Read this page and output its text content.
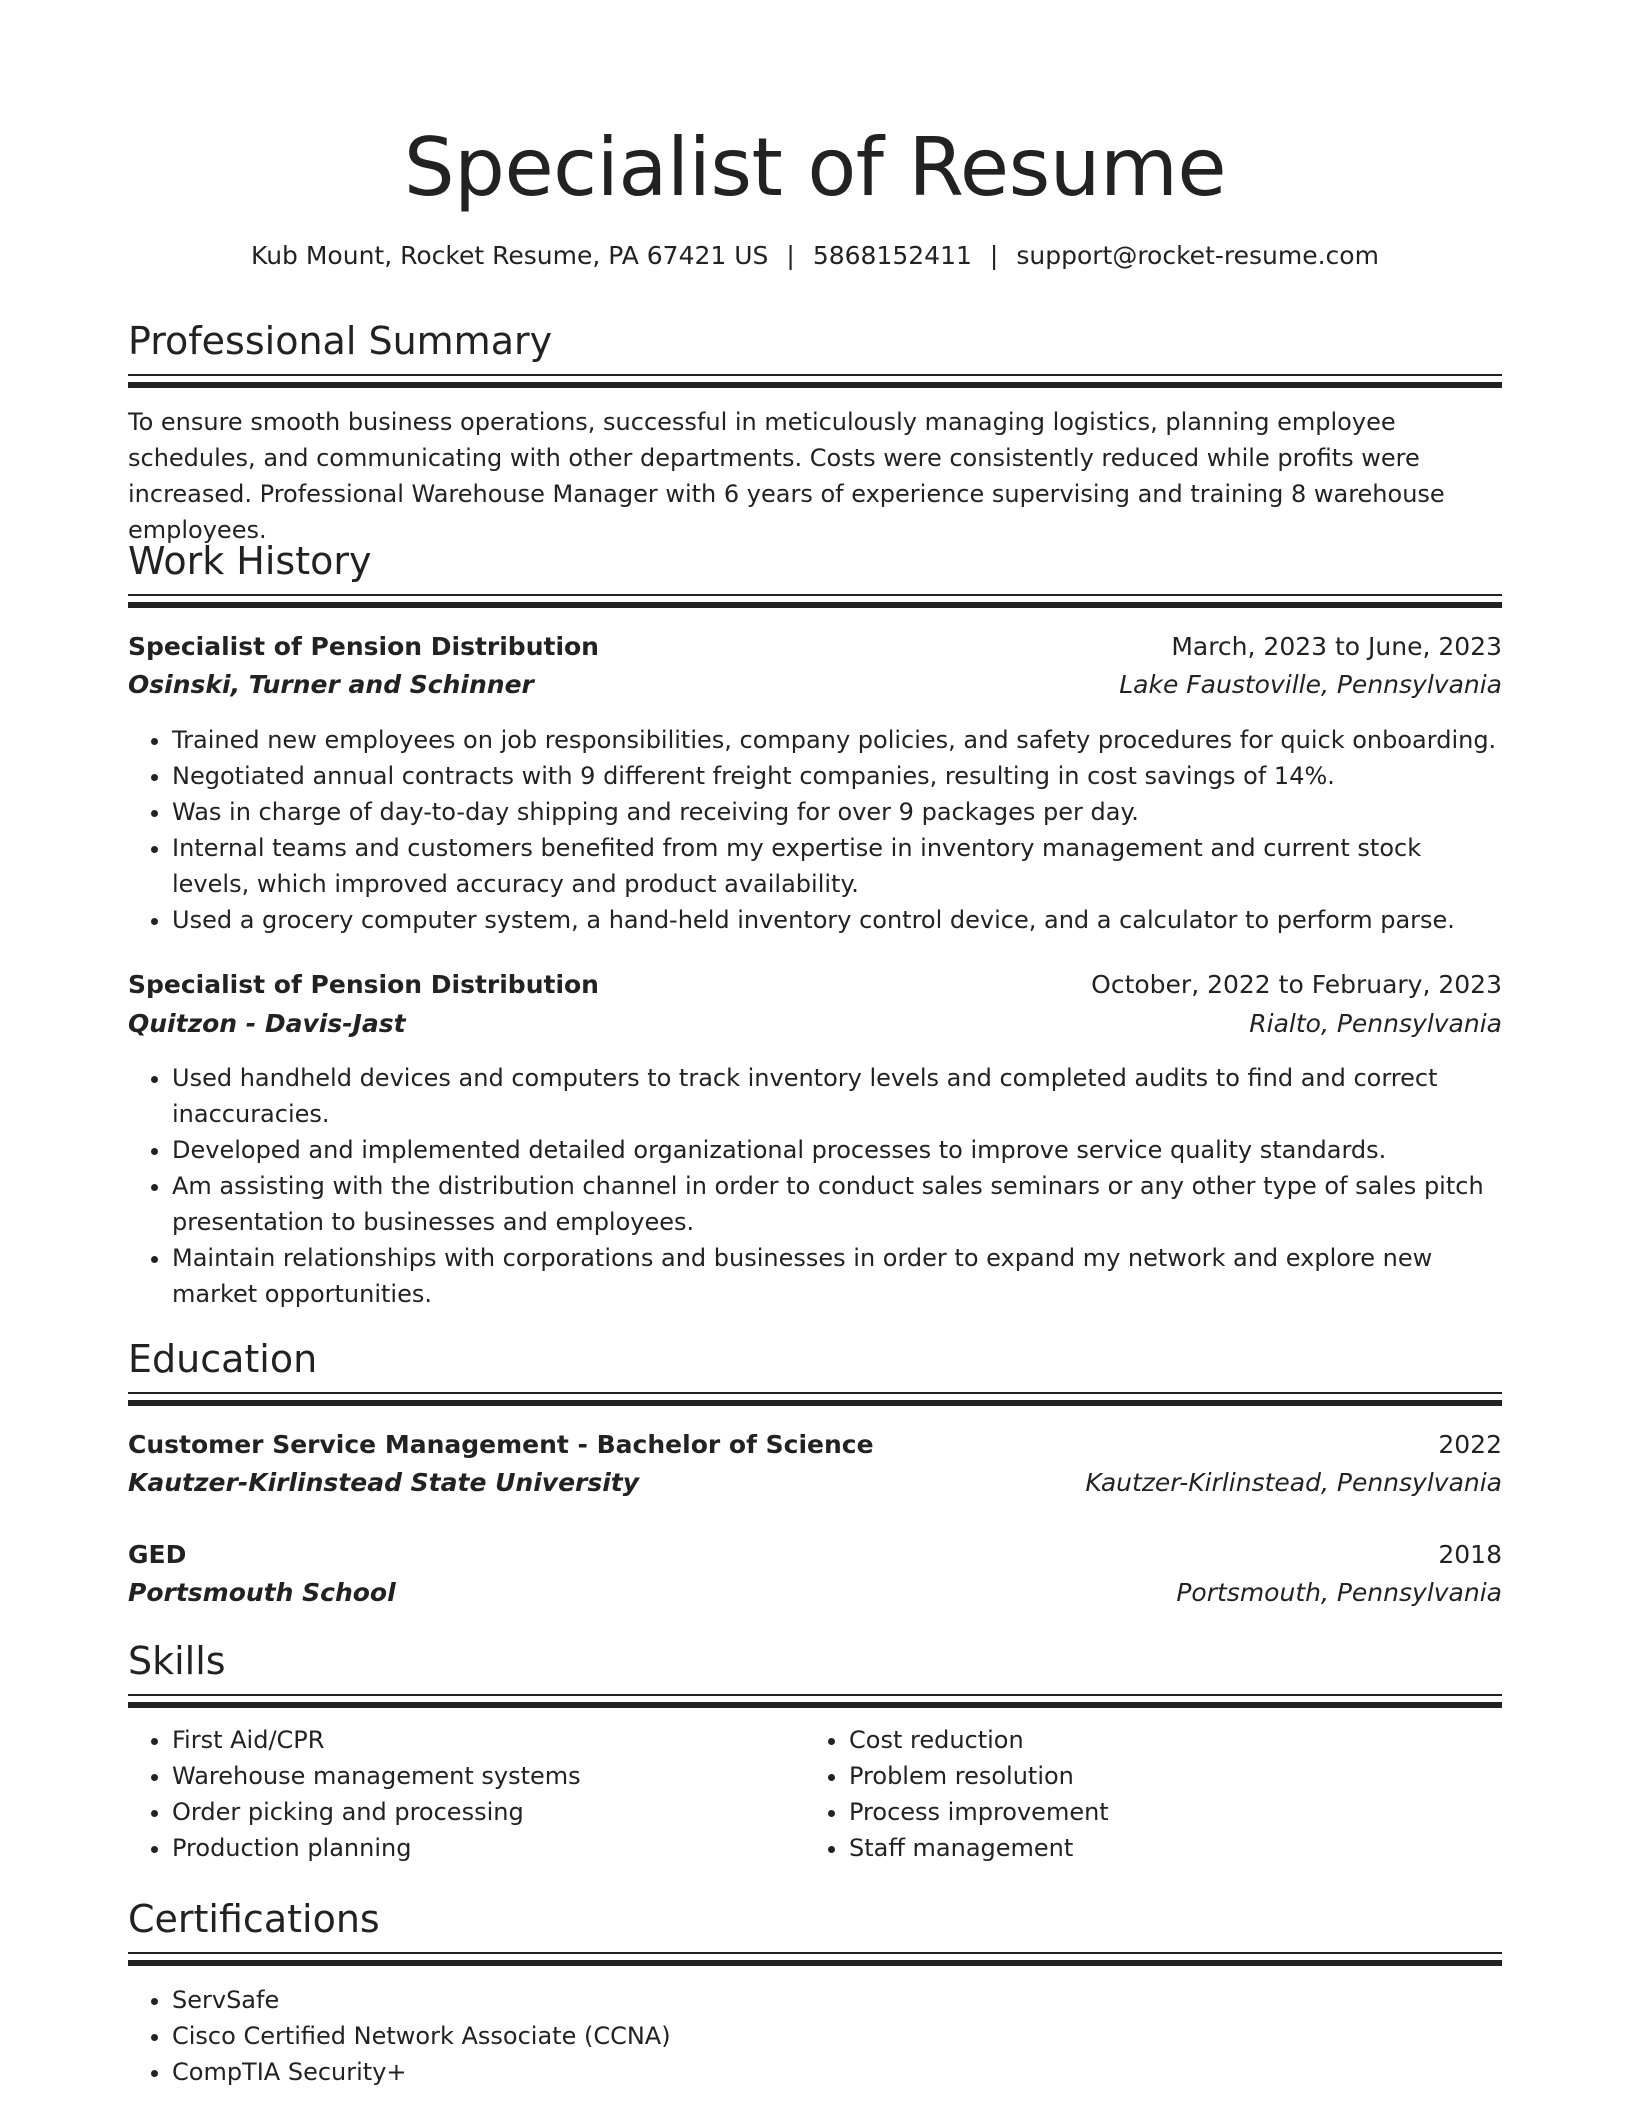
Specialist of Resume
Kub Mount, Rocket Resume, PA 67421 US | 5868152411 | support@rocket-resume.com
Professional Summary

To ensure smooth business operations, successful in meticulously managing logistics, planning employee schedules, and communicating with other departments. Costs were consistently reduced while profits were increased. Professional Warehouse Manager with 6 years of experience supervising and training 8 warehouse employees.

Work History
Specialist of Pension Distribution	March, 2023 to June, 2023
Osinski, Turner and Schinner	Lake Faustoville, Pennsylvania
• Trained new employees on job responsibilities, company policies, and safety procedures for quick onboarding.
• Negotiated annual contracts with 9 different freight companies, resulting in cost savings of 14%.
• Was in charge of day-to-day shipping and receiving for over 9 packages per day.
• Internal teams and customers benefited from my expertise in inventory management and current stock levels, which improved accuracy and product availability.
• Used a grocery computer system, a hand-held inventory control device, and a calculator to perform parse.
Specialist of Pension Distribution	October, 2022 to February, 2023
Quitzon - Davis-Jast	Rialto, Pennsylvania
• Used handheld devices and computers to track inventory levels and completed audits to find and correct inaccuracies.
• Developed and implemented detailed organizational processes to improve service quality standards.
• Am assisting with the distribution channel in order to conduct sales seminars or any other type of sales pitch presentation to businesses and employees.
• Maintain relationships with corporations and businesses in order to expand my network and explore new market opportunities.
Education
Customer Service Management - Bachelor of Science	2022
Kautzer-Kirlinstead State University	Kautzer-Kirlinstead, Pennsylvania
GED	2018
Portsmouth School	Portsmouth, Pennsylvania
Skills
• First Aid/CPR
• Warehouse management systems
• Order picking and processing
• Production planning
• Cost reduction
• Problem resolution
• Process improvement
• Staff management
Certifications
• ServSafe
• Cisco Certified Network Associate (CCNA)
• CompTIA Security+
